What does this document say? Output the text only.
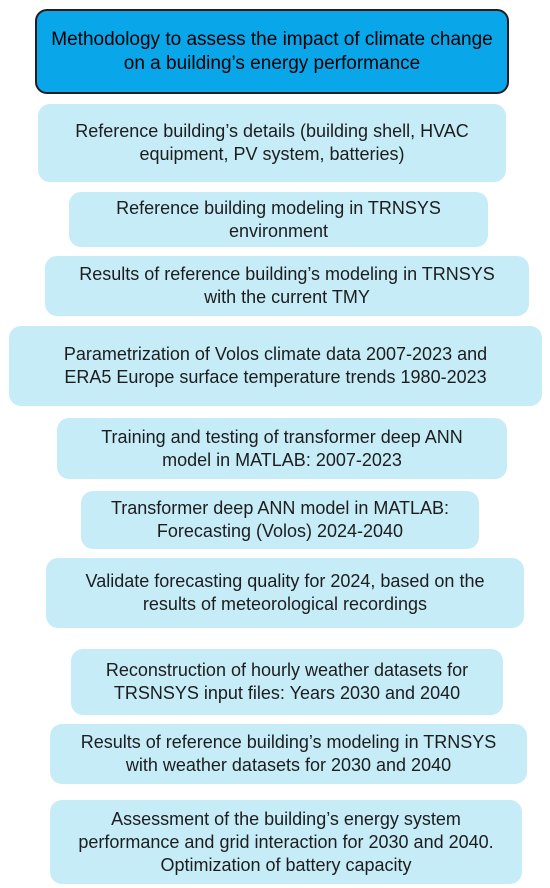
Methodology to assess the impact of climate change
on a building’s energy performance
Reference building’s details (building shell, HVAC
equipment, PV system, batteries)
Reference building modeling in TRNSYS
environment
Results of reference building’s modeling in TRNSYS
with the current TMY
Parametrization of Volos climate data 2007-2023 and
ERA5 Europe surface temperature trends 1980-2023
Training and testing of transformer deep ANN
model in MATLAB: 2007-2023
Transformer deep ANN model in MATLAB:
Forecasting (Volos) 2024-2040
Validate forecasting quality for 2024, based on the
results of meteorological recordings
Reconstruction of hourly weather datasets for
TRSNSYS input files: Years 2030 and 2040
Results of reference building’s modeling in TRNSYS
with weather datasets for 2030 and 2040
Assessment of the building’s energy system
performance and grid interaction for 2030 and 2040.
Optimization of battery capacity
